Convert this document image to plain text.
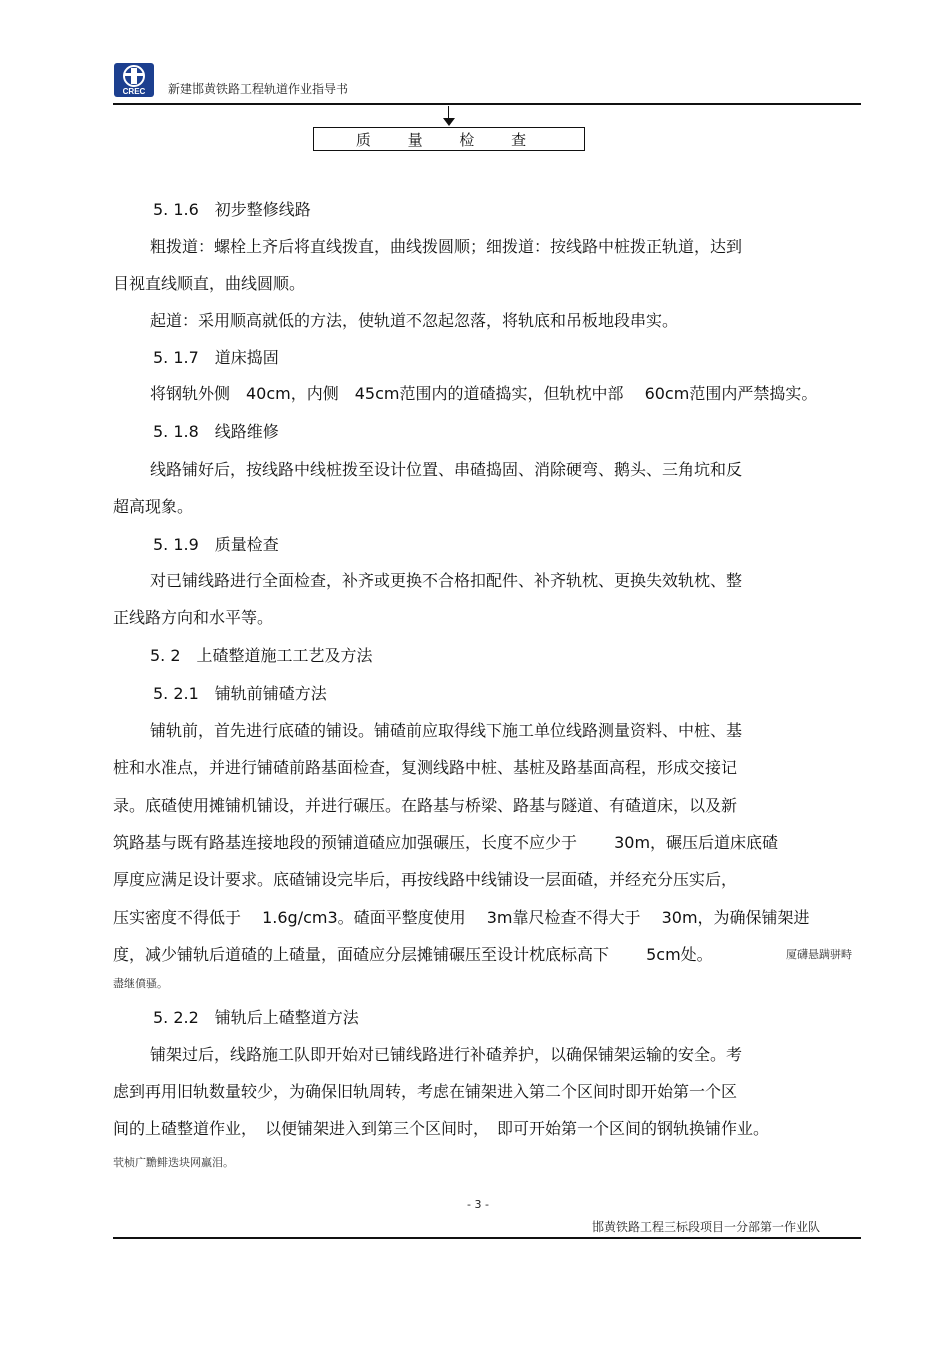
CREC 新建邯黄铁路工程轨道作业指导书
质 量 检 查
5. 1.6　初步整修线路
粗拨道：螺栓上齐后将直线拨直，曲线拨圆顺；细拨道：按线路中桩拨正轨道，达到
目视直线顺直，曲线圆顺。
起道：采用顺高就低的方法，使轨道不忽起忽落，将轨底和吊板地段串实。
5. 1.7　道床捣固
将钢轨外侧　40cm，内侧　45cm范围内的道碴捣实，但轨枕中部　 60cm范围内严禁捣实。
5. 1.8　线路维修
线路铺好后，按线路中线桩拨至设计位置、串碴捣固、消除硬弯、鹅头、三角坑和反
超高现象。
5. 1.9　质量检查
对已铺线路进行全面检查，补齐或更换不合格扣配件、补齐轨枕、更换失效轨枕、整
正线路方向和水平等。
5. 2　上碴整道施工工艺及方法
5. 2.1　铺轨前铺碴方法
铺轨前，首先进行底碴的铺设。铺碴前应取得线下施工单位线路测量资料、中桩、基
桩和水准点，并进行铺碴前路基面检查，复测线路中桩、基桩及路基面高程，形成交接记
录。底碴使用摊铺机铺设，并进行碾压。在路基与桥梁、路基与隧道、有碴道床，以及新
筑路基与既有路基连接地段的预铺道碴应加强碾压，长度不应少于　　 30m，碾压后道床底碴
厚度应满足设计要求。底碴铺设完毕后，再按线路中线铺设一层面碴，并经充分压实后，
压实密度不得低于　 1.6g/cm3。碴面平整度使用　 3m靠尺检查不得大于　 30m，为确保铺架进
度，减少铺轨后道碴的上碴量，面碴应分层摊铺碾压至设计枕底标高下　　 5cm处。	厦礴悬蹒骈畤
盡继僨骚。
5. 2.2　铺轨后上碴整道方法
铺架过后，线路施工队即开始对已铺线路进行补碴养护，以确保铺架运输的安全。考
虑到再用旧轨数量较少，为确保旧轨周转，考虑在铺架进入第二个区间时即开始第一个区
间的上碴整道作业，　以便铺架进入到第三个区间时，　即可开始第一个区间的钢轨换铺作业。
茕桢广黵鲱迭块网羸泪。
- 3 -
邯黄铁路工程三标段项目一分部第一作业队
